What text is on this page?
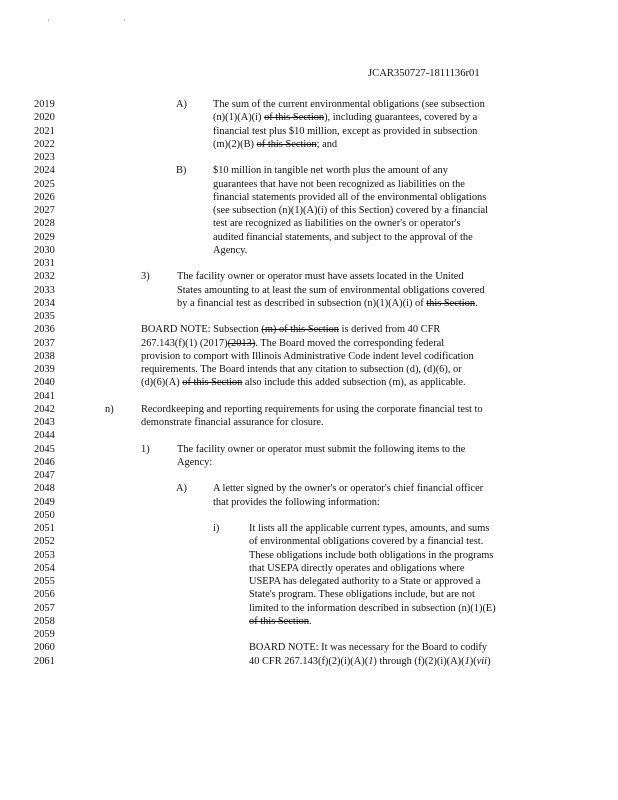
' '
JCAR350727-1811136r01
2019	A)	The sum of the current environmental obligations (see subsection
2020	(n)(1)(A)(i) of this Section), including guarantees, covered by a
2021	financial test plus $10 million, except as provided in subsection
2022	(m)(2)(B) of this Section; and
2023
2024	B)	$10 million in tangible net worth plus the amount of any
2025	guarantees that have not been recognized as liabilities on the
2026	financial statements provided all of the environmental obligations
2027	(see subsection (n)(1)(A)(i) of this Section) covered by a financial
2028	test are recognized as liabilities on the owner's or operator's
2029	audited financial statements, and subject to the approval of the
2030	Agency.
2031
2032	3)	The facility owner or operator must have assets located in the United
2033	States amounting to at least the sum of environmental obligations covered
2034	by a financial test as described in subsection (n)(1)(A)(i) of this Section.
2035
2036	BOARD NOTE: Subsection (m) of this Section is derived from 40 CFR
2037	267.143(f)(1) (2017)(2013). The Board moved the corresponding federal
2038	provision to comport with Illinois Administrative Code indent level codification
2039	requirements. The Board intends that any citation to subsection (d), (d)(6), or
2040	(d)(6)(A) of this Section also include this added subsection (m), as applicable.
2041
2042	n)	Recordkeeping and reporting requirements for using the corporate financial test to
2043	demonstrate financial assurance for closure.
2044
2045	1)	The facility owner or operator must submit the following items to the
2046	Agency:
2047
2048	A)	A letter signed by the owner's or operator's chief financial officer
2049	that provides the following information:
2050
2051	i)	It lists all the applicable current types, amounts, and sums
2052	of environmental obligations covered by a financial test.
2053	These obligations include both obligations in the programs
2054	that USEPA directly operates and obligations where
2055	USEPA has delegated authority to a State or approved a
2056	State's program. These obligations include, but are not
2057	limited to the information described in subsection (n)(1)(E)
2058	of this Section.
2059
2060	BOARD NOTE: It was necessary for the Board to codify
2061	40 CFR 267.143(f)(2)(i)(A)(1) through (f)(2)(i)(A)(1)(vii)
